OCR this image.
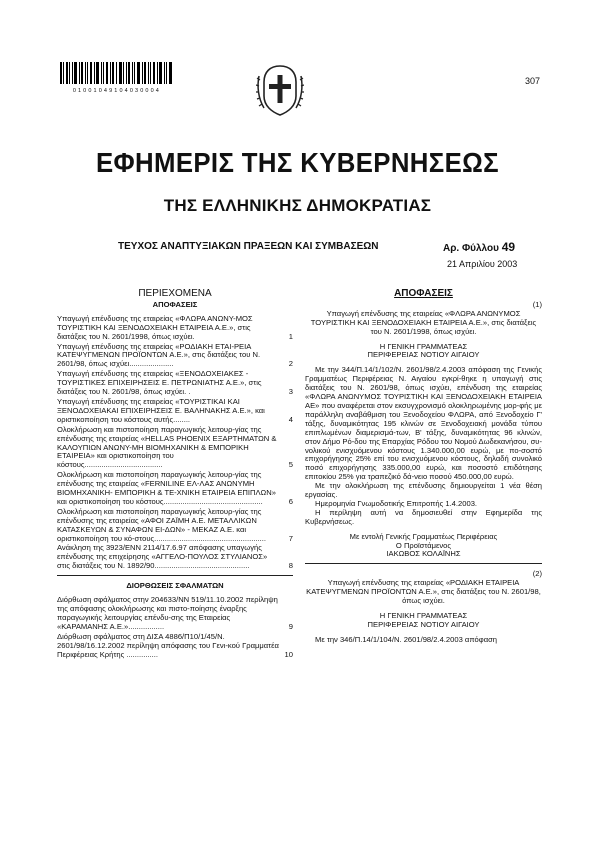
0 1 0 0 1 0 4 9 1 0 4 0 3 0 0 0 4
307
ΕΦΗΜΕΡΙΣ ΤΗΣ ΚΥΒΕΡΝΗΣΕΩΣ
ΤΗΣ ΕΛΛΗΝΙΚΗΣ ΔΗΜΟΚΡΑΤΙΑΣ
ΤΕΥΧΟΣ ΑΝΑΠΤΥΞΙΑΚΩΝ ΠΡΑΞΕΩΝ ΚΑΙ ΣΥΜΒΑΣΕΩΝ	Αρ. Φύλλου 49
21 Απριλίου 2003
ΠΕΡΙΕΧΟΜΕΝΑ
ΑΠΟΦΑΣΕΙΣ
Υπαγωγή επένδυσης της εταιρείας «ΦΛΩΡΑ ΑΝΩΝΥ-ΜΟΣ ΤΟΥΡΙΣΤΙΚΗ ΚΑΙ ΞΕΝΟΔΟΧΕΙΑΚΗ ΕΤΑΙΡΕΙΑ Α.Ε.», στις διατάξεις του Ν. 2601/1998, όπως ισχύει.	1
Υπαγωγή επένδυσης της εταιρείας «ΡΟΔΙΑΚΗ ΕΤΑΙ-ΡΕΙΑ ΚΑΤΕΨΥΓΜΕΝΩΝ ΠΡΟΪΟΝΤΩΝ Α.Ε.», στις διατάξεις του Ν. 2601/98, όπως ισχύει.....................	2
Υπαγωγή επένδυσης της εταιρείας «ΞΕΝΟΔΟΧΕΙΑΚΕΣ - ΤΟΥΡΙΣΤΙΚΕΣ ΕΠΙΧΕΙΡΗΣΕΙΣ Ε. ΠΕΤΡΩΝΙΑΤΗΣ Α.Ε.», στις διατάξεις του Ν. 2601/98, όπως ισχύει. .	3
Υπαγωγή επένδυσης της εταιρείας «ΤΟΥΡΙΣΤΙΚΑΙ ΚΑΙ ΞΕΝΟΔΟΧΕΙΑΚΑΙ ΕΠΙΧΕΙΡΗΣΕΙΣ Ε. ΒΑΛΗΝΑΚΗΣ Α.Ε.», και οριστικοποίηση του κόστους αυτής........	4
Ολοκλήρωση και πιστοποίηση παραγωγικής λειτουρ-γίας της επένδυσης της εταιρείας «HELLAS PHOENIX ΕΞΑΡΤΗΜΑΤΩΝ & ΚΑΛΟΥΠΙΩΝ ΑΝΩΝΥ-ΜΗ ΒΙΟΜΗΧΑΝΙΚΗ & ΕΜΠΟΡΙΚΗ ΕΤΑΙΡΕΙΑ» και οριστικοποίηση του κόστους.....................................	5
Ολοκλήρωση και πιστοποίηση παραγωγικής λειτουρ-γίας της επένδυσης της εταιρείας «FERNILINE ΕΛ-ΛΑΣ ΑΝΩΝΥΜΗ ΒΙΟΜΗΧΑΝΙΚΗ- ΕΜΠΟΡΙΚΗ & ΤΕ-ΧΝΙΚΗ ΕΤΑΙΡΕΙΑ ΕΠΙΠΛΩΝ» και οριστικοποίηση του κόστους...............................................	6
Ολοκλήρωση και πιστοποίηση παραγωγικής λειτουρ-γίας της επένδυσης της εταιρείας «ΑΦΟΙ ΖΑΪΜΗ Α.Ε. ΜΕΤΑΛΛΙΚΩΝ ΚΑΤΑΣΚΕΥΩΝ & ΣΥΝΑΦΩΝ ΕΙ-ΔΩΝ» - ΜΕΚΑΖ Α.Ε. και οριστικοποίηση του κό-στους.....................................................	7
Ανάκληση της 3923/ΕΝΝ 2114/17.6.97 απόφασης υπαγωγής επένδυσης της επιχείρησης «ΑΓΓΕΛΟ-ΠΟΥΛΟΣ ΣΤΥΛΙΑΝΟΣ» στις διατάξεις του Ν. 1892/90.............................................	8
ΔΙΟΡΘΩΣΕΙΣ ΣΦΑΛΜΑΤΩΝ
Διόρθωση σφάλματος στην 204633/ΝΝ 519/11.10.2002 περίληψη της απόφασης ολοκλήρωσης και πιστο-ποίησης έναρξης παραγωγικής λειτουργίας επένδυ-σης της Εταιρείας «ΚΑΡΑΜΑΝΗΣ Α.Ε.».................	9
Διόρθωση σφάλματος στη ΔΙΣΑ 4886/Π10/1/45/Ν. 2601/98/16.12.2002 περίληψη απόφασης του Γενι-κού Γραμματέα Περιφέρειας Κρήτης ...............	10
ΑΠΟΦΑΣΕΙΣ
(1)
Υπαγωγή επένδυσης της εταιρείας «ΦΛΩΡΑ ΑΝΩΝΥΜΟΣ ΤΟΥΡΙΣΤΙΚΗ ΚΑΙ ΞΕΝΟΔΟΧΕΙΑΚΗ ΕΤΑΙΡΕΙΑ Α.Ε.», στις διατάξεις του Ν. 2601/1998, όπως ισχύει.
Η ΓΕΝΙΚΗ ΓΡΑΜΜΑΤΕΑΣ
ΠΕΡΙΦΕΡΕΙΑΣ ΝΟΤΙΟΥ ΑΙΓΑΙΟΥ
Με την 344/Π.14/1/102/Ν. 2601/98/2.4.2003 απόφαση της Γενικής Γραμματέως Περιφέρειας Ν. Αιγαίου εγκρί-θηκε η υπαγωγή στις διατάξεις του Ν. 2601/98, όπως ισχύει, επένδυση της εταιρείας «ΦΛΩΡΑ ΑΝΩΝΥΜΟΣ ΤΟΥΡΙΣΤΙΚΗ ΚΑΙ ΞΕΝΟΔΟΧΕΙΑΚΗ ΕΤΑΙΡΕΙΑ ΑΕ» που αναφέρεται στον εκσυγχρονισμό ολοκληρωμένης μορ-φής με παράλληλη αναβάθμιση του Ξενοδοχείου ΦΛΩΡΑ, από Ξενοδοχείο Γ' τάξης, δυναμικότητας 195 κλινών σε Ξενοδοχειακή μονάδα τύπου επιπλωμένων διαμερισμά-των, Β' τάξης, δυναμικότητας 96 κλινών, στον Δήμο Ρό-δου της Επαρχίας Ρόδου του Νομού Δωδεκανήσου, συ-νολικού ενισχυόμενου κόστους 1.340.000,00 ευρώ, με πο-σοστό επιχορήγησης 25% επί του ενισχυόμενου κόστους, δηλαδή συνολικό ποσό επιχορήγησης 335.000,00 ευρώ, και ποσοστό επιδότησης επιτοκίου 25% για τραπεζικό δά-νειο ποσού 450.000,00 ευρώ.
Με την ολοκλήρωση της επένδυσης δημιουργείται 1 νέα θέση εργασίας.
Ημερομηνία Γνωμοδοτικής Επιτροπής 1.4.2003.
Η περίληψη αυτή να δημοσιευθεί στην Εφημερίδα της Κυβερνήσεως.
Με εντολή Γενικής Γραμματέως Περιφέρειας
Ο Προϊστάμενος
ΙΑΚΩΒΟΣ ΚΟΛΑΪΝΗΣ
(2)
Υπαγωγή επένδυσης της εταιρείας «ΡΟΔΙΑΚΗ ΕΤΑΙΡΕΙΑ ΚΑΤΕΨΥΓΜΕΝΩΝ ΠΡΟΪΟΝΤΩΝ Α.Ε.», στις διατάξεις του Ν. 2601/98, όπως ισχύει.
Η ΓΕΝΙΚΗ ΓΡΑΜΜΑΤΕΑΣ
ΠΕΡΙΦΕΡΕΙΑΣ ΝΟΤΙΟΥ ΑΙΓΑΙΟΥ
Με την 346/Π.14/1/104/Ν. 2601/98/2.4.2003 απόφαση
